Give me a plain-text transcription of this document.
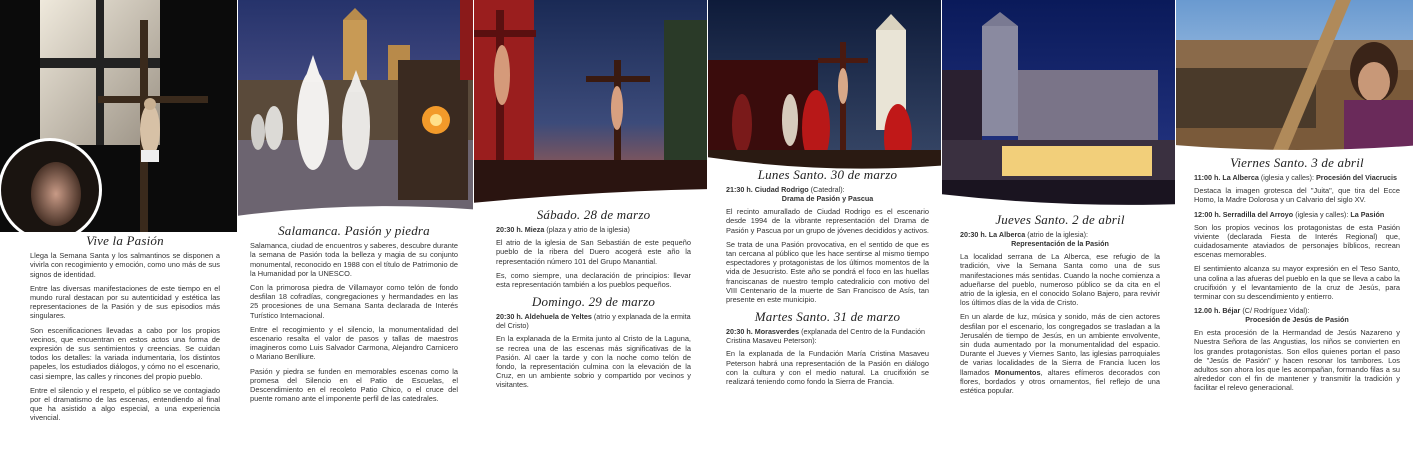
Vive la Pasión

Llega la Semana Santa y los salmantinos se disponen a vivirla con recogimiento y emoción, como uno más de sus signos de identidad.

Entre las diversas manifestaciones de este tiempo en el mundo rural destacan por su autenticidad y estética las representaciones de la Pasión y de sus episodios más singulares.

Son escenificaciones llevadas a cabo por los propios vecinos, que encuentran en estos actos una forma de expresión de sus sentimientos y creencias. Se cuidan todos los detalles: la variada indumentaria, los distintos papeles, los estudiados diálogos, y cómo no el escenario, casi siempre, las calles y rincones del propio pueblo.

Entre el silencio y el respeto, el público se ve contagiado por el dramatismo de las escenas, entendiendo al final que ha asistido a algo especial, a una experiencia vivencial.

Salamanca. Pasión y piedra

Salamanca, ciudad de encuentros y saberes, descubre durante la semana de Pasión toda la belleza y magia de su conjunto monumental, reconocido en 1988 con el título de Patrimonio de la Humanidad por la UNESCO.

Con la primorosa piedra de Villamayor como telón de fondo desfilan 18 cofradías, congregaciones y hermandades en las 25 procesiones de una Semana Santa declarada de Interés Turístico Internacional.

Entre el recogimiento y el silencio, la monumentalidad del escenario resalta el valor de pasos y tallas de maestros imagineros como Luis Salvador Carmona, Alejandro Carnicero o Mariano Benlliure.

Pasión y piedra se funden en memorables escenas como la promesa del Silencio en el Patio de Escuelas, el Descendimiento en el recoleto Patio Chico, o el cruce del puente romano ante el imponente perfil de las catedrales.

Sábado. 28 de marzo
20:30 h. Mieza (plaza y atrio de la iglesia)

El atrio de la iglesia de San Sebastián de este pequeño pueblo de la ribera del Duero acogerá este año la representación número 101 del Grupo Manantial.

Es, como siempre, una declaración de principios: llevar esta representación también a los pueblos pequeños.

Domingo. 29 de marzo
20:30 h. Aldehuela de Yeltes (atrio y explanada de la ermita del Cristo)

En la explanada de la Ermita junto al Cristo de la Laguna, se recrea una de las escenas más significativas de la Pasión. Al caer la tarde y con la noche como telón de fondo, la representación culmina con la elevación de la Cruz, en un ambiente sobrio y compartido por vecinos y visitantes.

Lunes Santo. 30 de marzo
21:30 h. Ciudad Rodrigo (Catedral):
Drama de Pasión y Pascua

El recinto amurallado de Ciudad Rodrigo es el escenario desde 1994 de la vibrante representación del Drama de Pasión y Pascua por un grupo de jóvenes decididos y activos.

Se trata de una Pasión provocativa, en el sentido de que es tan cercana al público que les hace sentirse al mismo tiempo espectadores y protagonistas de los últimos momentos de la vida de Jesucristo. Este año se pondrá el foco en las huellas franciscanas de nuestro templo catedralicio con motivo del VIII Centenario de la muerte de San Francisco de Asís, tan presente en este municipio.

Martes Santo. 31 de marzo
20:30 h. Morasverdes (explanada del Centro de la Fundación Cristina Masaveu Peterson):

En la explanada de la Fundación María Cristina Masaveu Peterson habrá una representación de la Pasión en diálogo con la cultura y con el medio natural. La crucifixión se realizará teniendo como fondo la Sierra de Francia.

Jueves Santo. 2 de abril
20:30 h. La Alberca (atrio de la iglesia):
Representación de la Pasión

La localidad serrana de La Alberca, ese refugio de la tradición, vive la Semana Santa como una de sus manifestaciones más sentidas. Cuando la noche comienza a adueñarse del pueblo, numeroso público se da cita en el atrio de la iglesia, en el conocido Solano Bajero, para revivir los últimos días de la vida de Cristo.

En un alarde de luz, música y sonido, más de cien actores desfilan por el escenario, los congregados se trasladan a la Jerusalén de tiempo de Jesús, en un ambiente envolvente, sin duda aumentado por la monumentalidad del espacio. Durante el Jueves y Viernes Santo, las iglesias parroquiales de varias localidades de la Sierra de Francia lucen los llamados Monumentos, altares efímeros decorados con flores, bordados y otros ornamentos, fiel reflejo de una estética popular.

Viernes Santo. 3 de abril
11:00 h. La Alberca (iglesia y calles): Procesión del Viacrucis

Destaca la imagen grotesca del "Juita", que tira del Ecce Homo, la Madre Dolorosa y un Calvario del siglo XV.

12:00 h. Serradilla del Arroyo (iglesia y calles): La Pasión

Son los propios vecinos los protagonistas de esta Pasión viviente (declarada Fiesta de Interés Regional) que, cuidadosamente ataviados de personajes bíblicos, recrean escenas memorables.

El sentimiento alcanza su mayor expresión en el Teso Santo, una colina a las afueras del pueblo en la que se lleva a cabo la crucifixión y el levantamiento de la cruz de Jesús, para terminar con su descendimiento y entierro.

12.00 h. Béjar (C/ Rodríguez Vidal):
Procesión de Jesús de Pasión

En esta procesión de la Hermandad de Jesús Nazareno y Nuestra Señora de las Angustias, los niños se convierten en los grandes protagonistas. Son ellos quienes portan el paso de "Jesús de Pasión" y hacen resonar los tambores. Los adultos son ahora los que les acompañan, formando filas a su alrededor con el fin de mantener y transmitir la tradición y facilitar el relevo generacional.
